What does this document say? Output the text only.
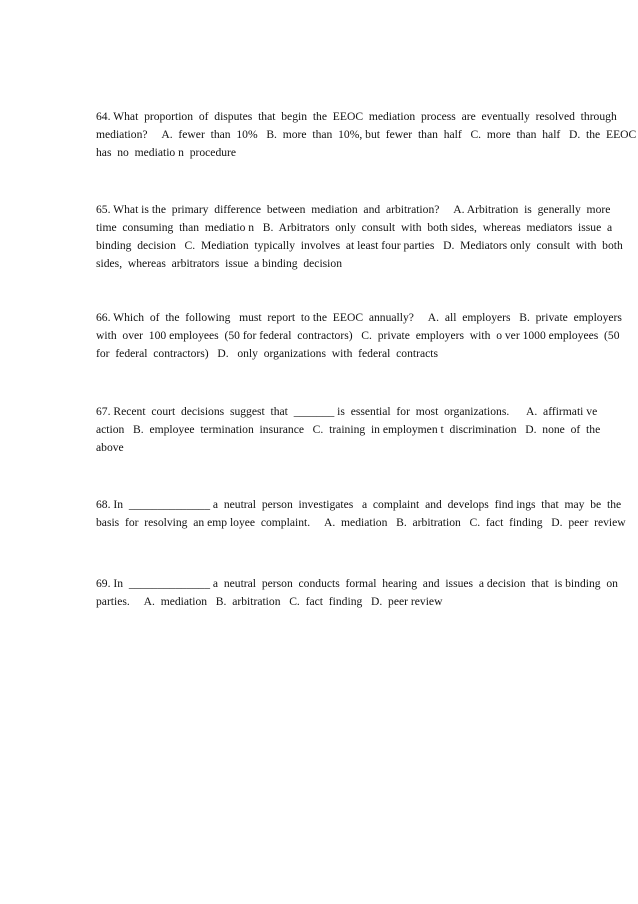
64. What  proportion  of  disputes  that  begin  the  EEOC  mediation  process  are  eventually  resolved  through
mediation?     A.  fewer  than  10%   B.  more  than  10%, but  fewer  than  half   C.  more  than  half   D.  the  EEOC
has  no  mediatio n  procedure
65. What is the  primary  difference  between  mediation  and  arbitration?     A. Arbitration  is  generally  more
time  consuming  than  mediatio n   B.  Arbitrators  only  consult  with  both sides,  whereas  mediators  issue  a
binding  decision   C.  Mediation  typically  involves  at least four parties   D.  Mediators only  consult  with  both
sides,  whereas  arbitrators  issue  a binding  decision
66. Which  of  the  following   must  report  to the  EEOC  annually?     A.  all  employers   B.  private  employers
with  over  100 employees  (50 for federal  contractors)   C.  private  employers  with  o ver 1000 employees  (50
for  federal  contractors)   D.   only  organizations  with  federal  contracts
67. Recent  court  decisions  suggest  that  _______ is  essential  for  most  organizations.      A.  affirmati ve
action   B.  employee  termination  insurance   C.  training  in employmen t  discrimination   D.  none  of  the
above
68. In  ______________ a  neutral  person  investigates   a  complaint  and  develops  find ings  that  may  be  the
basis  for  resolving  an emp loyee  complaint.     A.  mediation   B.  arbitration   C.  fact  finding   D.  peer  review
69. In  ______________ a  neutral  person  conducts  formal  hearing  and  issues  a decision  that  is binding  on
parties.     A.  mediation   B.  arbitration   C.  fact  finding   D.  peer review
